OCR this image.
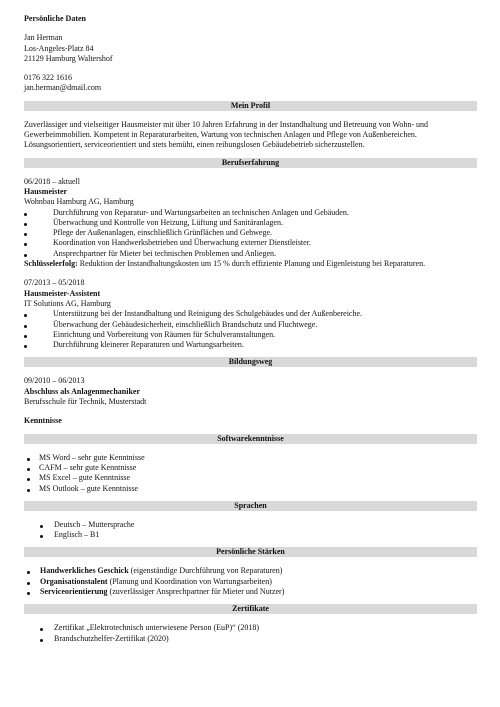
Persönliche Daten
Jan Herman
Los-Angeles-Platz 84
21129 Hamburg Waltershof
0176 322 1616
jan.herman@dmail.com
Mein Profil
Zuverlässiger und vielseitiger Hausmeister mit über 10 Jahren Erfahrung in der Instandhaltung und Betreuung von Wohn- und Gewerbeimmobilien. Kompetent in Reparaturarbeiten, Wartung von technischen Anlagen und Pflege von Außenbereichen. Lösungsorientiert, serviceorientiert und stets bemüht, einen reibungslosen Gebäudebetrieb sicherzustellen.
Berufserfahrung
06/2018 – aktuell
Hausmeister
Wohnbau Hamburg AG, Hamburg
Durchführung von Reparatur- und Wartungsarbeiten an technischen Anlagen und Gebäuden.
Überwachung und Kontrolle von Heizung, Lüftung und Sanitäranlagen.
Pflege der Außenanlagen, einschließlich Grünflächen und Gehwege.
Koordination von Handwerksbetrieben und Überwachung externer Dienstleister.
Ansprechpartner für Mieter bei technischen Problemen und Anliegen.
Schlüsselerfolg: Reduktion der Instandhaltungskosten um 15 % durch effiziente Planung und Eigenleistung bei Reparaturen.
07/2013 – 05/2018
Hausmeister-Assistent
IT Solutions AG, Hamburg
Unterstützung bei der Instandhaltung und Reinigung des Schulgebäudes und der Außenbereiche.
Überwachung der Gebäudesicherheit, einschließlich Brandschutz und Fluchtwege.
Einrichtung und Vorbereitung von Räumen für Schulveranstaltungen.
Durchführung kleinerer Reparaturen und Wartungsarbeiten.
Bildungsweg
09/2010 – 06/2013
Abschluss als Anlagenmechaniker
Berufsschule für Technik, Musterstadt
Kenntnisse
Softwarekenntnisse
MS Word – sehr gute Kenntnisse
CAFM – sehr gute Kenntnisse
MS Excel – gute Kenntnisse
MS Outlook – gute Kenntnisse
Sprachen
Deutsch – Muttersprache
Englisch – B1
Persönliche Stärken
Handwerkliches Geschick (eigenständige Durchführung von Reparaturen)
Organisationstalent (Planung und Koordination von Wartungsarbeiten)
Serviceorientierung (zuverlässiger Ansprechpartner für Mieter und Nutzer)
Zertifikate
Zertifikat „Elektrotechnisch unterwiesene Person (EuP)“ (2018)
Brandschutzhelfer-Zertifikat (2020)
